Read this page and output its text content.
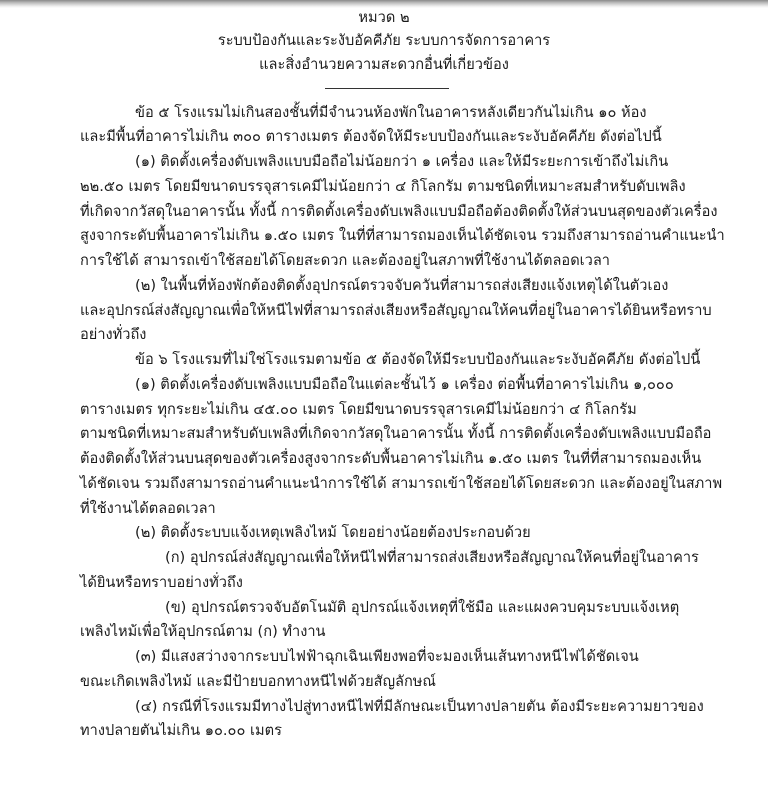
หมวด ๒
ระบบป้องกันและระงับอัคคีภัย ระบบการจัดการอาคาร
และสิ่งอำนวยความสะดวกอื่นที่เกี่ยวข้อง
ข้อ ๕ โรงแรมไม่เกินสองชั้นที่มีจำนวนห้องพักในอาคารหลังเดียวกันไม่เกิน ๑๐ ห้อง
และมีพื้นที่อาคารไม่เกิน ๓๐๐ ตารางเมตร ต้องจัดให้มีระบบป้องกันและระงับอัคคีภัย ดังต่อไปนี้
(๑) ติดตั้งเครื่องดับเพลิงแบบมือถือไม่น้อยกว่า ๑ เครื่อง และให้มีระยะการเข้าถึงไม่เกิน
๒๒.๕๐ เมตร โดยมีขนาดบรรจุสารเคมีไม่น้อยกว่า ๔ กิโลกรัม ตามชนิดที่เหมาะสมสำหรับดับเพลิง
ที่เกิดจากวัสดุในอาคารนั้น ทั้งนี้ การติดตั้งเครื่องดับเพลิงแบบมือถือต้องติดตั้งให้ส่วนบนสุดของตัวเครื่อง
สูงจากระดับพื้นอาคารไม่เกิน ๑.๕๐ เมตร ในที่ที่สามารถมองเห็นได้ชัดเจน รวมถึงสามารถอ่านคำแนะนำ
การใช้ได้ สามารถเข้าใช้สอยได้โดยสะดวก และต้องอยู่ในสภาพที่ใช้งานได้ตลอดเวลา
(๒) ในพื้นที่ห้องพักต้องติดตั้งอุปกรณ์ตรวจจับควันที่สามารถส่งเสียงแจ้งเหตุได้ในตัวเอง
และอุปกรณ์ส่งสัญญาณเพื่อให้หนีไฟที่สามารถส่งเสียงหรือสัญญาณให้คนที่อยู่ในอาคารได้ยินหรือทราบ
อย่างทั่วถึง
ข้อ ๖ โรงแรมที่ไม่ใช่โรงแรมตามข้อ ๕ ต้องจัดให้มีระบบป้องกันและระงับอัคคีภัย ดังต่อไปนี้
(๑) ติดตั้งเครื่องดับเพลิงแบบมือถือในแต่ละชั้นไว้ ๑ เครื่อง ต่อพื้นที่อาคารไม่เกิน ๑,๐๐๐
ตารางเมตร ทุกระยะไม่เกิน ๔๕.๐๐ เมตร โดยมีขนาดบรรจุสารเคมีไม่น้อยกว่า ๔ กิโลกรัม
ตามชนิดที่เหมาะสมสำหรับดับเพลิงที่เกิดจากวัสดุในอาคารนั้น ทั้งนี้ การติดตั้งเครื่องดับเพลิงแบบมือถือ
ต้องติดตั้งให้ส่วนบนสุดของตัวเครื่องสูงจากระดับพื้นอาคารไม่เกิน ๑.๕๐ เมตร ในที่ที่สามารถมองเห็น
ได้ชัดเจน รวมถึงสามารถอ่านคำแนะนำการใช้ได้ สามารถเข้าใช้สอยได้โดยสะดวก และต้องอยู่ในสภาพ
ที่ใช้งานได้ตลอดเวลา
(๒) ติดตั้งระบบแจ้งเหตุเพลิงไหม้ โดยอย่างน้อยต้องประกอบด้วย
(ก) อุปกรณ์ส่งสัญญาณเพื่อให้หนีไฟที่สามารถส่งเสียงหรือสัญญาณให้คนที่อยู่ในอาคาร
ได้ยินหรือทราบอย่างทั่วถึง
(ข) อุปกรณ์ตรวจจับอัตโนมัติ อุปกรณ์แจ้งเหตุที่ใช้มือ และแผงควบคุมระบบแจ้งเหตุ
เพลิงไหม้เพื่อให้อุปกรณ์ตาม (ก) ทำงาน
(๓) มีแสงสว่างจากระบบไฟฟ้าฉุกเฉินเพียงพอที่จะมองเห็นเส้นทางหนีไฟได้ชัดเจน
ขณะเกิดเพลิงไหม้ และมีป้ายบอกทางหนีไฟด้วยสัญลักษณ์
(๔) กรณีที่โรงแรมมีทางไปสู่ทางหนีไฟที่มีลักษณะเป็นทางปลายตัน ต้องมีระยะความยาวของ
ทางปลายตันไม่เกิน ๑๐.๐๐ เมตร
